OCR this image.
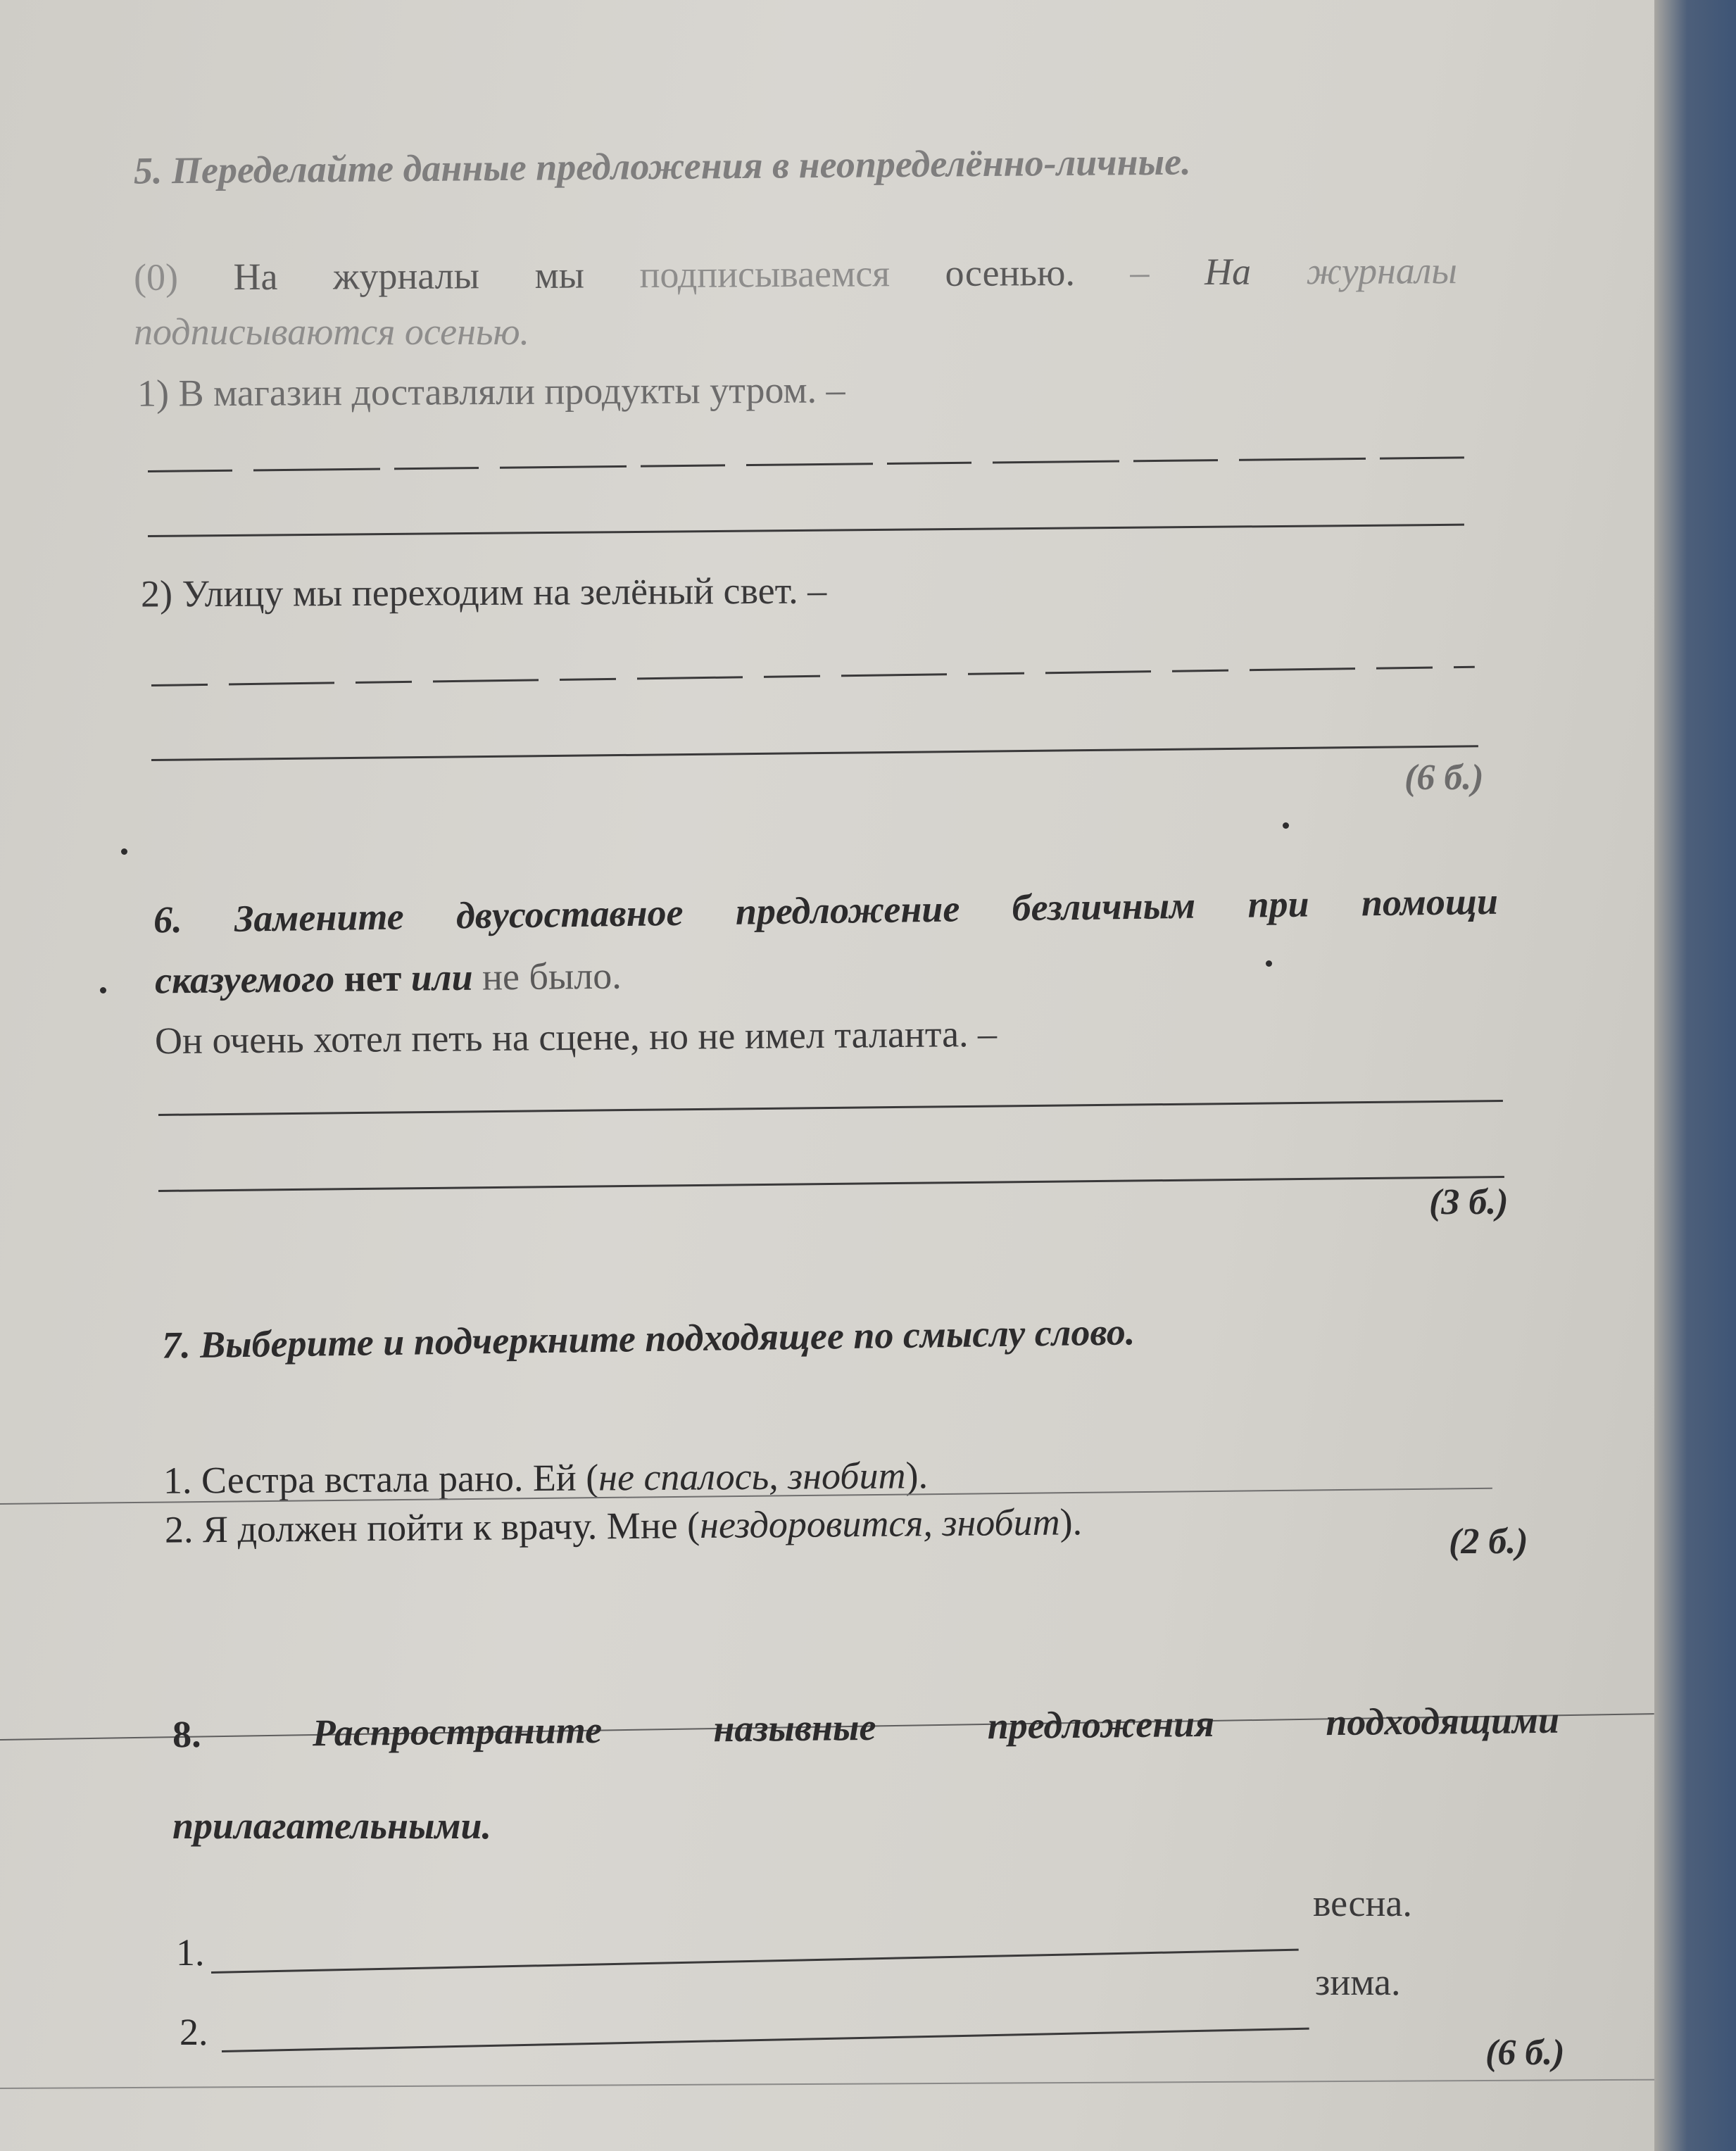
5. Переделайте данные предложения в неопределённо-личные.
(0) На журналы мы подписываемся осенью. – На журналы
подписываются осенью.
1) В магазин доставляли продукты утром. –
2) Улицу мы переходим на зелёный свет. –
(6 б.)
6. Замените двусоставное предложение безличным при помощи
сказуемого нет или не было.
Он очень хотел петь на сцене, но не имел таланта. –
(3 б.)
7. Выберите и подчеркните подходящее по смыслу слово.
1. Сестра встала рано. Ей (не спалось, знобит).
2. Я должен пойти к врачу. Мне (нездоровится, знобит).	(2 б.)
8.	Распространите	назывные	предложения	подходящими
прилагательными.
весна.
1.
зима.
2.	(6 б.)
